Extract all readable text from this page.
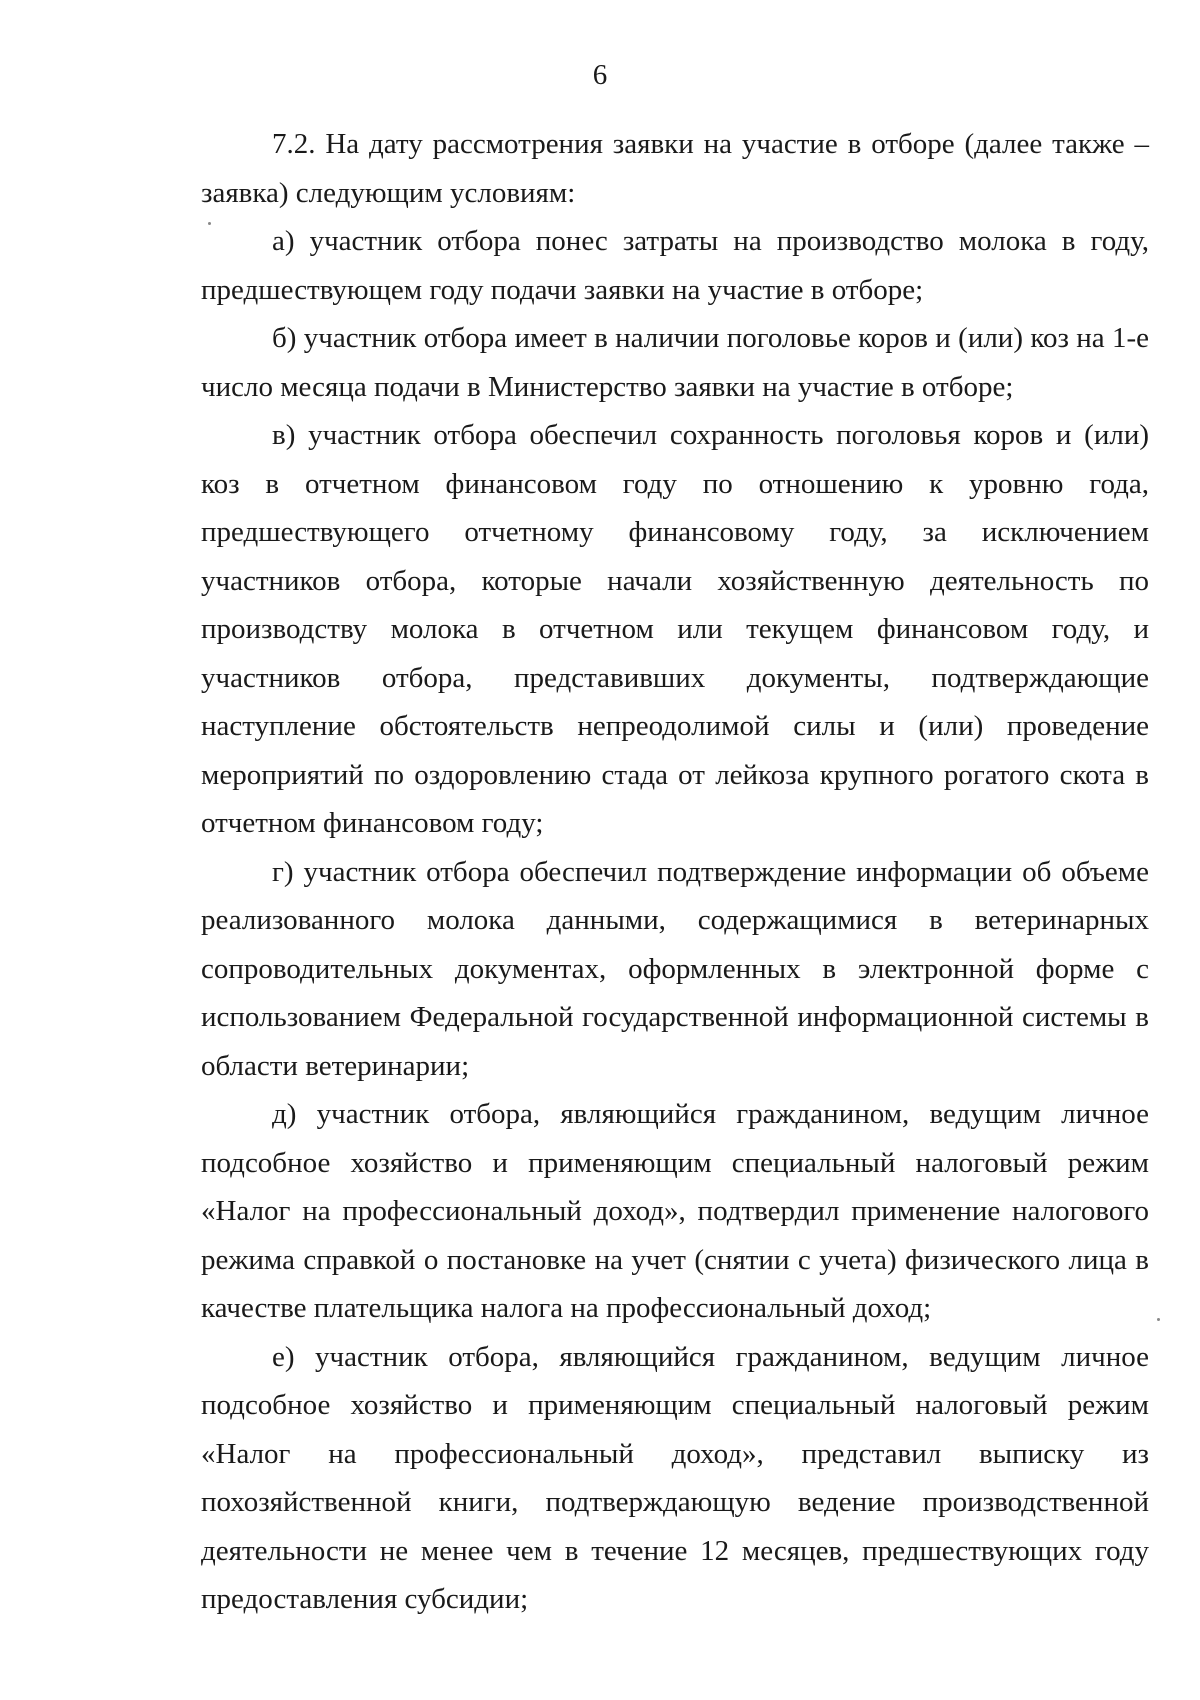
6

7.2. На дату рассмотрения заявки на участие в отборе (далее также – заявка) следующим условиям:

а) участник отбора понес затраты на производство молока в году, предшествующем году подачи заявки на участие в отборе;

б) участник отбора имеет в наличии поголовье коров и (или) коз на 1-е число месяца подачи в Министерство заявки на участие в отборе;

в) участник отбора обеспечил сохранность поголовья коров и (или) коз в отчетном финансовом году по отношению к уровню года, предшествующего отчетному финансовому году, за исключением участников отбора, которые начали хозяйственную деятельность по производству молока в отчетном или текущем финансовом году, и участников отбора, представивших документы, подтверждающие наступление обстоятельств непреодолимой силы и (или) проведение мероприятий по оздоровлению стада от лейкоза крупного рогатого скота в отчетном финансовом году;

г) участник отбора обеспечил подтверждение информации об объеме реализованного молока данными, содержащимися в ветеринарных сопроводительных документах, оформленных в электронной форме с использованием Федеральной государственной информационной системы в области ветеринарии;

д) участник отбора, являющийся гражданином, ведущим личное подсобное хозяйство и применяющим специальный налоговый режим «Налог на профессиональный доход», подтвердил применение налогового режима справкой о постановке на учет (снятии с учета) физического лица в качестве плательщика налога на профессиональный доход;

е) участник отбора, являющийся гражданином, ведущим личное подсобное хозяйство и применяющим специальный налоговый режим «Налог на профессиональный доход», представил выписку из похозяйственной книги, подтверждающую ведение производственной деятельности не менее чем в течение 12 месяцев, предшествующих году предоставления субсидии;
